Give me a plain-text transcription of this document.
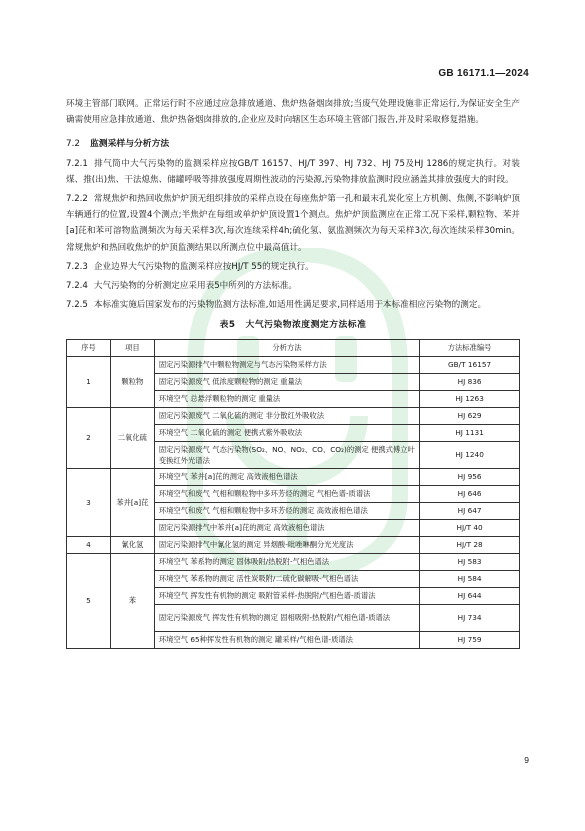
GB 16171.1—2024

环境主管部门联网。正常运行时不应通过应急排放通道、焦炉热备烟囱排放;当废气处理设施非正常运行,为保证安全生产确需使用应急排放通道、焦炉热备烟囱排放的,企业应及时向辖区生态环境主管部门报告,并及时采取修复措施。

7.2 监测采样与分析方法

7.2.1 排气筒中大气污染物的监测采样应按GB/T 16157、HJ/T 397、HJ 732、HJ 75及HJ 1286的规定执行。对装煤、推(出)焦、干法熄焦、储罐呼吸等排放强度周期性波动的污染源,污染物排放监测时段应涵盖其排放强度大的时段。

7.2.2 常规焦炉和热回收焦炉炉顶无组织排放的采样点设在每座焦炉第一孔和最末孔炭化室上方机侧、焦侧,不影响炉顶车辆通行的位置,设置4个测点;半焦炉在每组或单炉炉顶设置1个测点。焦炉炉顶监测应在正常工况下采样,颗粒物、苯并[a]芘和苯可溶物监测频次为每天采样3次,每次连续采样4h;硫化氢、氨监测频次为每天采样3次,每次连续采样30min。常规焦炉和热回收焦炉的炉顶监测结果以所测点位中最高值计。

7.2.3 企业边界大气污染物的监测采样应按HJ/T 55的规定执行。

7.2.4 大气污染物的分析测定应采用表5中所列的方法标准。

7.2.5 本标准实施后国家发布的污染物监测方法标准,如适用性满足要求,同样适用于本标准相应污染物的测定。

表5 大气污染物浓度测定方法标准
序号	项目	分析方法	方法标准编号
1	颗粒物	固定污染源排气中颗粒物测定与气态污染物采样方法	GB/T 16157
		固定污染源废气 低浓度颗粒物的测定 重量法	HJ 836
		环境空气 总悬浮颗粒物的测定 重量法	HJ 1263
2	二氧化硫	固定污染源废气 二氧化硫的测定 非分散红外吸收法	HJ 629
		环境空气 二氧化硫的测定 便携式紫外吸收法	HJ 1131
		固定污染源废气 气态污染物(SO₂、NO、NO₂、CO、CO₂)的测定 便携式傅立叶变换红外光谱法	HJ 1240
3	苯并[a]芘	环境空气 苯并[a]芘的测定 高效液相色谱法	HJ 956
		环境空气和废气 气相和颗粒物中多环芳烃的测定 气相色谱-质谱法	HJ 646
		环境空气和废气 气相和颗粒物中多环芳烃的测定 高效液相色谱法	HJ 647
		固定污染源排气中苯并[a]芘的测定 高效液相色谱法	HJ/T 40
4	氰化氢	固定污染源排气中氰化氢的测定 异烟酸-吡唑啉酮分光光度法	HJ/T 28
5	苯	环境空气 苯系物的测定 固体吸附/热脱附-气相色谱法	HJ 583
		环境空气 苯系物的测定 活性炭吸附/二硫化碳解吸-气相色谱法	HJ 584
		环境空气 挥发性有机物的测定 吸附管采样-热脱附/气相色谱-质谱法	HJ 644
		固定污染源废气 挥发性有机物的测定 固相吸附-热脱附/气相色谱-质谱法	HJ 734
		环境空气 65种挥发性有机物的测定 罐采样/气相色谱-质谱法	HJ 759
9
